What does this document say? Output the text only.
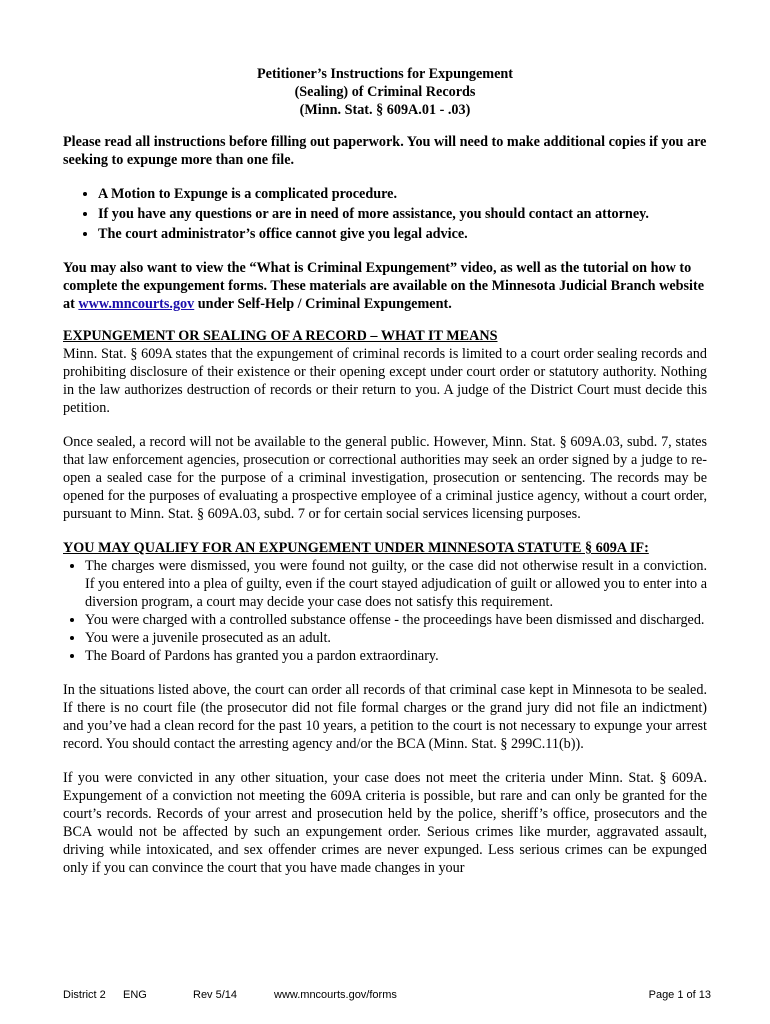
Petitioner’s Instructions for Expungement
(Sealing) of Criminal Records
(Minn. Stat. § 609A.01 - .03)

Please read all instructions before filling out paperwork. You will need to make additional copies if you are seeking to expunge more than one file.

• A Motion to Expunge is a complicated procedure.
• If you have any questions or are in need of more assistance, you should contact an attorney.
• The court administrator’s office cannot give you legal advice.

You may also want to view the “What is Criminal Expungement” video, as well as the tutorial on how to complete the expungement forms. These materials are available on the Minnesota Judicial Branch website at www.mncourts.gov under Self-Help / Criminal Expungement.

EXPUNGEMENT OR SEALING OF A RECORD – WHAT IT MEANS

Minn. Stat. § 609A states that the expungement of criminal records is limited to a court order sealing records and prohibiting disclosure of their existence or their opening except under court order or statutory authority. Nothing in the law authorizes destruction of records or their return to you. A judge of the District Court must decide this petition.

Once sealed, a record will not be available to the general public. However, Minn. Stat. § 609A.03, subd. 7, states that law enforcement agencies, prosecution or correctional authorities may seek an order signed by a judge to re-open a sealed case for the purpose of a criminal investigation, prosecution or sentencing. The records may be opened for the purposes of evaluating a prospective employee of a criminal justice agency, without a court order, pursuant to Minn. Stat. § 609A.03, subd. 7 or for certain social services licensing purposes.

YOU MAY QUALIFY FOR AN EXPUNGEMENT UNDER MINNESOTA STATUTE § 609A IF:

• The charges were dismissed, you were found not guilty, or the case did not otherwise result in a conviction. If you entered into a plea of guilty, even if the court stayed adjudication of guilt or allowed you to enter into a diversion program, a court may decide your case does not satisfy this requirement.
• You were charged with a controlled substance offense - the proceedings have been dismissed and discharged.
• You were a juvenile prosecuted as an adult.
• The Board of Pardons has granted you a pardon extraordinary.

In the situations listed above, the court can order all records of that criminal case kept in Minnesota to be sealed. If there is no court file (the prosecutor did not file formal charges or the grand jury did not file an indictment) and you’ve had a clean record for the past 10 years, a petition to the court is not necessary to expunge your arrest record. You should contact the arresting agency and/or the BCA (Minn. Stat. § 299C.11(b)).

If you were convicted in any other situation, your case does not meet the criteria under Minn. Stat. § 609A. Expungement of a conviction not meeting the 609A criteria is possible, but rare and can only be granted for the court’s records. Records of your arrest and prosecution held by the police, sheriff’s office, prosecutors and the BCA would not be affected by such an expungement order. Serious crimes like murder, aggravated assault, driving while intoxicated, and sex offender crimes are never expunged. Less serious crimes can be expunged only if you can convince the court that you have made changes in your

District 2 ENG	Rev 5/14	www.mncourts.gov/forms	Page 1 of 13
